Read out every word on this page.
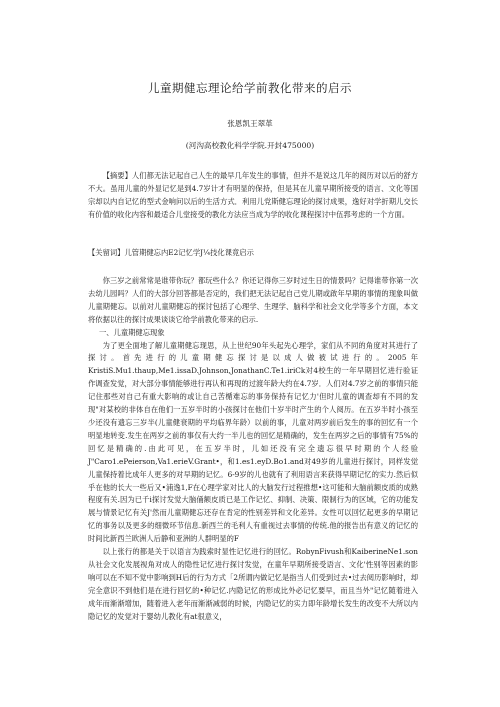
儿童期健忘理论给学前教化带来的启示
张恩凯王翠革
(河沟高校教化科学学院.开封475000)
【摘要】人们都无法记起自己人生的最早几年发生的事情，但并不是说这几年的阅历对以后的舒方不大。虽用儿童的外显记忆是到4.7岁计才有明显的保持，但是其在儿童早期所接受的语言、文化等国宗却以内自记忆的型式金响问以后的生活方式．利用儿党斯健忘理论的探讨成果，逸好对学折期儿交长有价值的收化内容和最适合儿堂接受的教化方法应当成为学的收化课程探讨中伍郛考虑的一个方面。
【关留词】儿管期健忘内E2记忆学J¼技化课竟启示

你三岁之前常常是谁带你玩？都玩些什么？你还记得你三岁时过生日的情景吗？记得谁带你第一次去幼儿园吗？人们的大部分回答都是否定的，我们把无法记起自己党儿期或啟年早期的事情的现象叫做儿童期健忘。以前对儿童期健忘的探讨包括了心理学、生理学、脑科学和社会文化学等多个方面，本文将依据以往的探讨成果谈谈它给学前教化带来的启示.

一、儿童期健忘现象

为了更全面地了解儿童期健忘现思，从上世纪90年头起先心理学，家们从不同的角度对其进行了探讨。首先进行的儿童期健忘探讨是以成人做被试进行的。2005年KristiS.Mu1.thaup,Me1.issaD.Johnson,JonathanC.Te1.iriCk对4校生的一年早期回忆进行验证作调查发觉，对大部分事情能够进行再认和再现的过渡年龄大约在4.7岁．人们对4.7岁之前的事情只能记住那些对自己有重大影响的或让自己苦楯难忘的事务保持有记忆力'但时儿童的调查却有不同的发现"对某校的非体自在他们一五岁半时的小孩探讨在他们十岁半时产生的个人阅历。在五岁半时小孩至少还没有遗忘三岁半(儿童健衰期的平均临界年龄）以前的事，儿童对两岁前后发生的事的回忆有一个明显地转变.发生在两岁之前的事仅有大约一半儿也的回忆是精确的，发生在两岁之后的事情有75%的回忆是精确的.由此可见，在五岁半时，儿如还没有完全遗忘很早时期的个人经验J"Caro1.ePeierson,Va1.erieV.Grant•，和1.es1.eyD.Bo1.and对49岁的儿童进行探讨，同样发觉儿童保持着比成年人更多的对早期的记忆。6-9岁的儿也就有了利用语言来获得早期记忆的实力.然后似乎在他的长大一些后又•浦逸1,F在心理学家对比人的大脑发行过程推想•这可能和大脑前额皮质的成熟程度有关.因为已千i探讨发觉大脑俑额皮质已是工作记忆、抑制、决策、限制行为的区域，它的功能发展与情景记忆有关J'然而儿童期健忘还存在肯定的性别差异和文化差异。女性可以回忆起更多的早期记忆的事务以及更多的细微环节信息.新西兰的毛利人有重视过去事情的传统.他的报告出有意义的记忆的时间比新西兰欧洲人后静和亚洲的人群明显的F

以上张行的都是关于以语言为践索时显性记忆进行的回忆。RobynFivush和KaiberineNe1.son从社会文化发展视角对成人的隐性记忆进行探讨发觉，在童年早期所接受语言、文化'性别等因素的影响可以在不知不觉中影响到H后的行为方式「2所谓内做记忆是指当人们受到过去•过去阅历影响时，却完全意识不到他们是在进行回忆的•种记忆.内隐记忆的形成比外必记忆要早，而且当外"记忆随着进入成年而渐渐增加，随着进入老年而渐渐减弱的时候，内隐记忆的实力即年龄增长发生的改变不大所以内隐记忆的发觉对于婴幼儿教化有at很意义，
